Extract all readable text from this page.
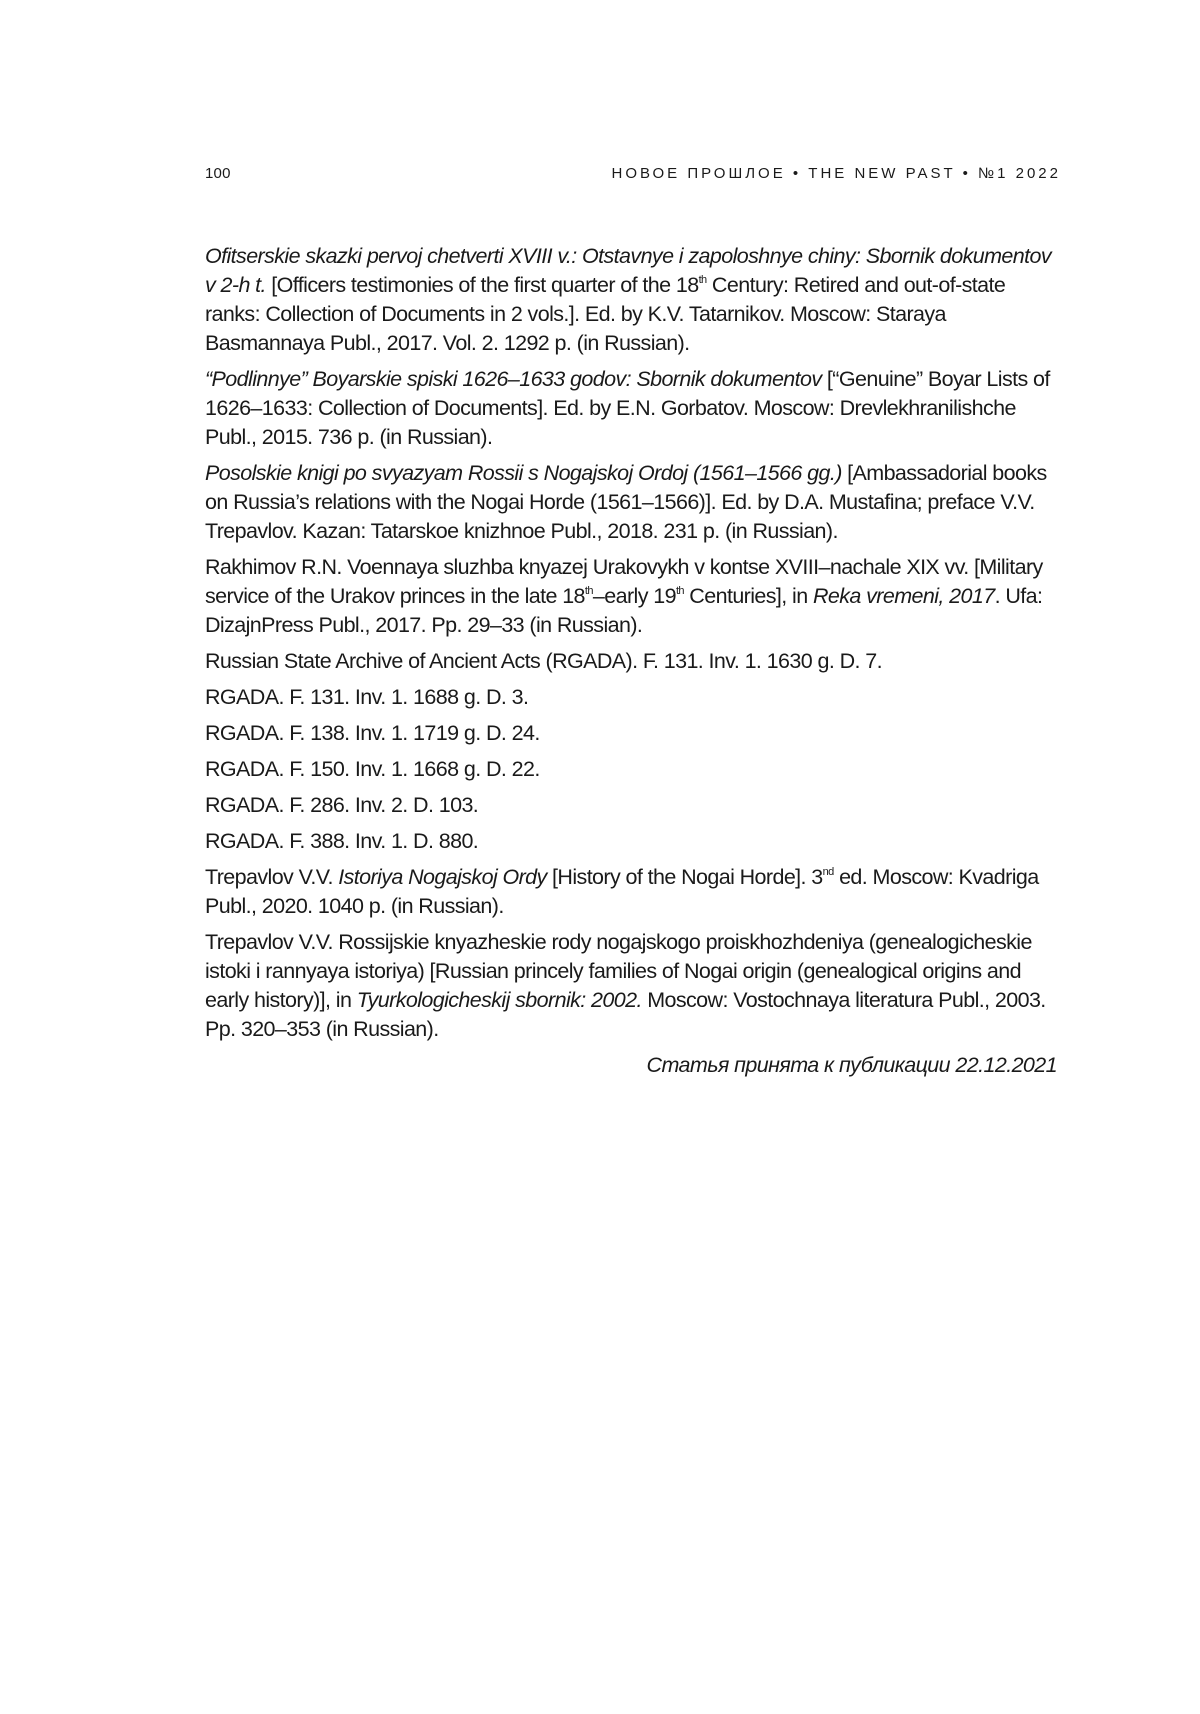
100	НОВОЕ ПРОШЛОЕ • THE NEW PAST • №1 2022

Ofitserskie skazki pervoj chetverti XVIII v.: Otstavnye i zapoloshnye chiny: Sbornik dokumentov v 2-h t. [Officers testimonies of the first quarter of the 18th Century: Retired and out-of-state ranks: Collection of Documents in 2 vols.]. Ed. by K.V. Tatarnikov. Moscow: Staraya Basmannaya Publ., 2017. Vol. 2. 1292 p. (in Russian).

“Podlinnye” Boyarskie spiski 1626–1633 godov: Sbornik dokumentov [“Genuine” Boyar Lists of 1626–1633: Collection of Documents]. Ed. by E.N. Gorbatov. Moscow: Drevlekhranilishche Publ., 2015. 736 p. (in Russian).

Posolskie knigi po svyazyam Rossii s Nogajskoj Ordoj (1561–1566 gg.) [Ambassadorial books on Russia’s relations with the Nogai Horde (1561–1566)]. Ed. by D.A. Mustafina; preface V.V. Trepavlov. Kazan: Tatarskoe knizhnoe Publ., 2018. 231 p. (in Russian).

Rakhimov R.N. Voennaya sluzhba knyazej Urakovykh v kontse XVIII–nachale XIX vv. [Military service of the Urakov princes in the late 18th–early 19th Centuries], in Reka vremeni, 2017. Ufa: DizajnPress Publ., 2017. Pp. 29–33 (in Russian).

Russian State Archive of Ancient Acts (RGADA). F. 131. Inv. 1. 1630 g. D. 7.

RGADA. F. 131. Inv. 1. 1688 g. D. 3.

RGADA. F. 138. Inv. 1. 1719 g. D. 24.

RGADA. F. 150. Inv. 1. 1668 g. D. 22.

RGADA. F. 286. Inv. 2. D. 103.

RGADA. F. 388. Inv. 1. D. 880.

Trepavlov V.V. Istoriya Nogajskoj Ordy [History of the Nogai Horde]. 3nd ed. Moscow: Kvadriga Publ., 2020. 1040 p. (in Russian).

Trepavlov V.V. Rossijskie knyazheskie rody nogajskogo proiskhozhdeniya (genealogicheskie istoki i rannyaya istoriya) [Russian princely families of Nogai origin (genealogical origins and early history)], in Tyurkologicheskij sbornik: 2002. Moscow: Vostochnaya literatura Publ., 2003. Pp. 320–353 (in Russian).

Статья принята к публикации 22.12.2021
